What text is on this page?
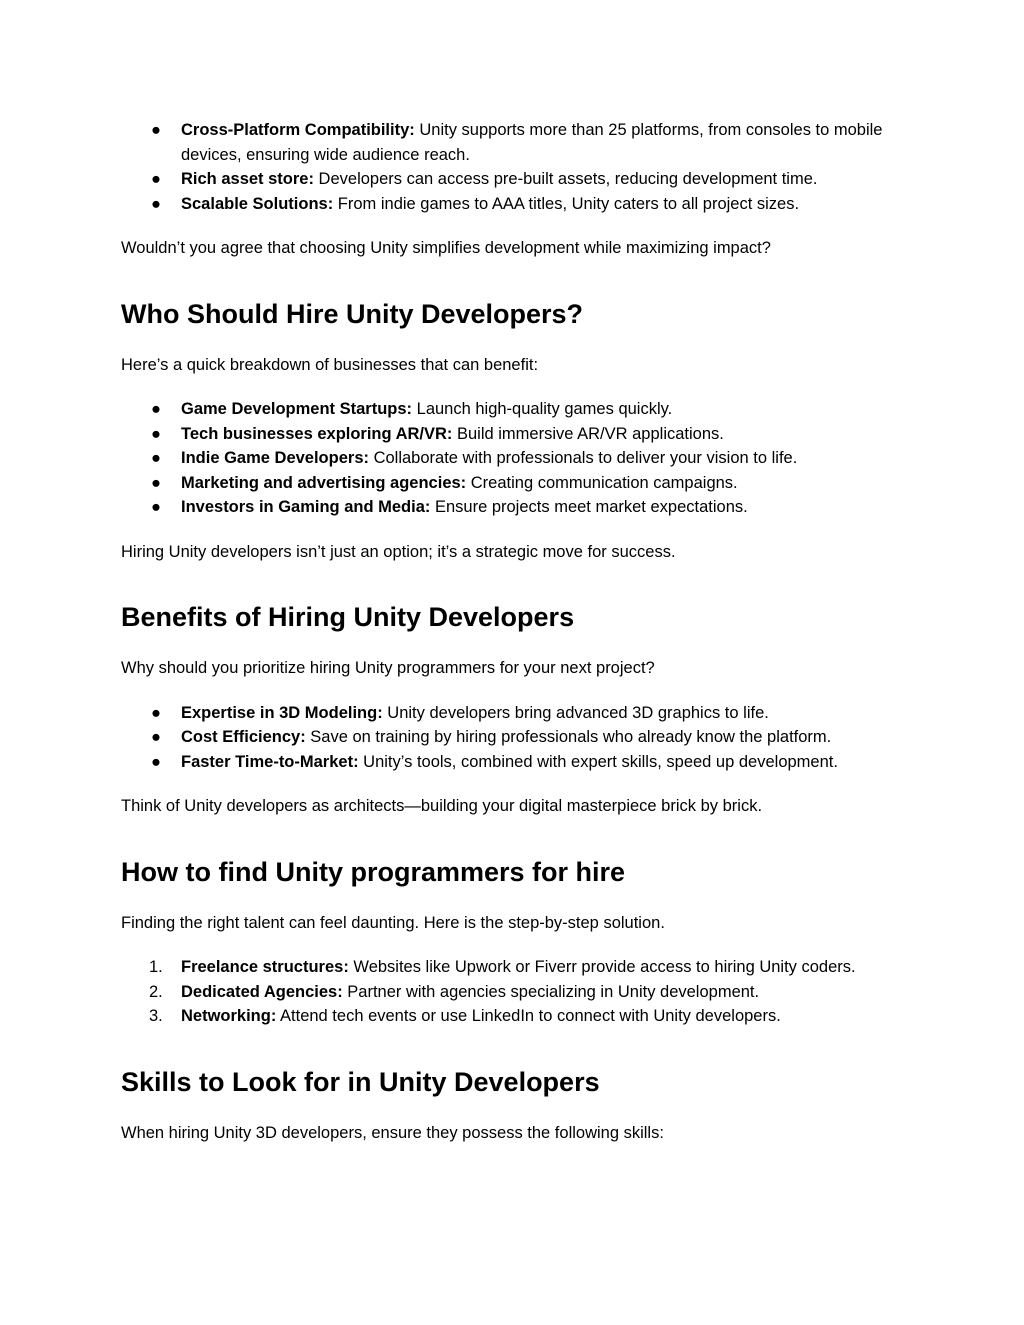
●	Cross-Platform Compatibility: Unity supports more than 25 platforms, from consoles to mobile devices, ensuring wide audience reach.
●	Rich asset store: Developers can access pre-built assets, reducing development time.
●	Scalable Solutions: From indie games to AAA titles, Unity caters to all project sizes.

Wouldn’t you agree that choosing Unity simplifies development while maximizing impact?

Who Should Hire Unity Developers?

Here’s a quick breakdown of businesses that can benefit:

●	Game Development Startups: Launch high-quality games quickly.
●	Tech businesses exploring AR/VR: Build immersive AR/VR applications.
●	Indie Game Developers: Collaborate with professionals to deliver your vision to life.
●	Marketing and advertising agencies: Creating communication campaigns.
●	Investors in Gaming and Media: Ensure projects meet market expectations.

Hiring Unity developers isn’t just an option; it’s a strategic move for success.

Benefits of Hiring Unity Developers

Why should you prioritize hiring Unity programmers for your next project?

●	Expertise in 3D Modeling: Unity developers bring advanced 3D graphics to life.
●	Cost Efficiency: Save on training by hiring professionals who already know the platform.
●	Faster Time-to-Market: Unity’s tools, combined with expert skills, speed up development.

Think of Unity developers as architects—building your digital masterpiece brick by brick.

How to find Unity programmers for hire

Finding the right talent can feel daunting. Here is the step-by-step solution.

1.	Freelance structures: Websites like Upwork or Fiverr provide access to hiring Unity coders.
2.	Dedicated Agencies: Partner with agencies specializing in Unity development.
3.	Networking: Attend tech events or use LinkedIn to connect with Unity developers.
Skills to Look for in Unity Developers

When hiring Unity 3D developers, ensure they possess the following skills:
